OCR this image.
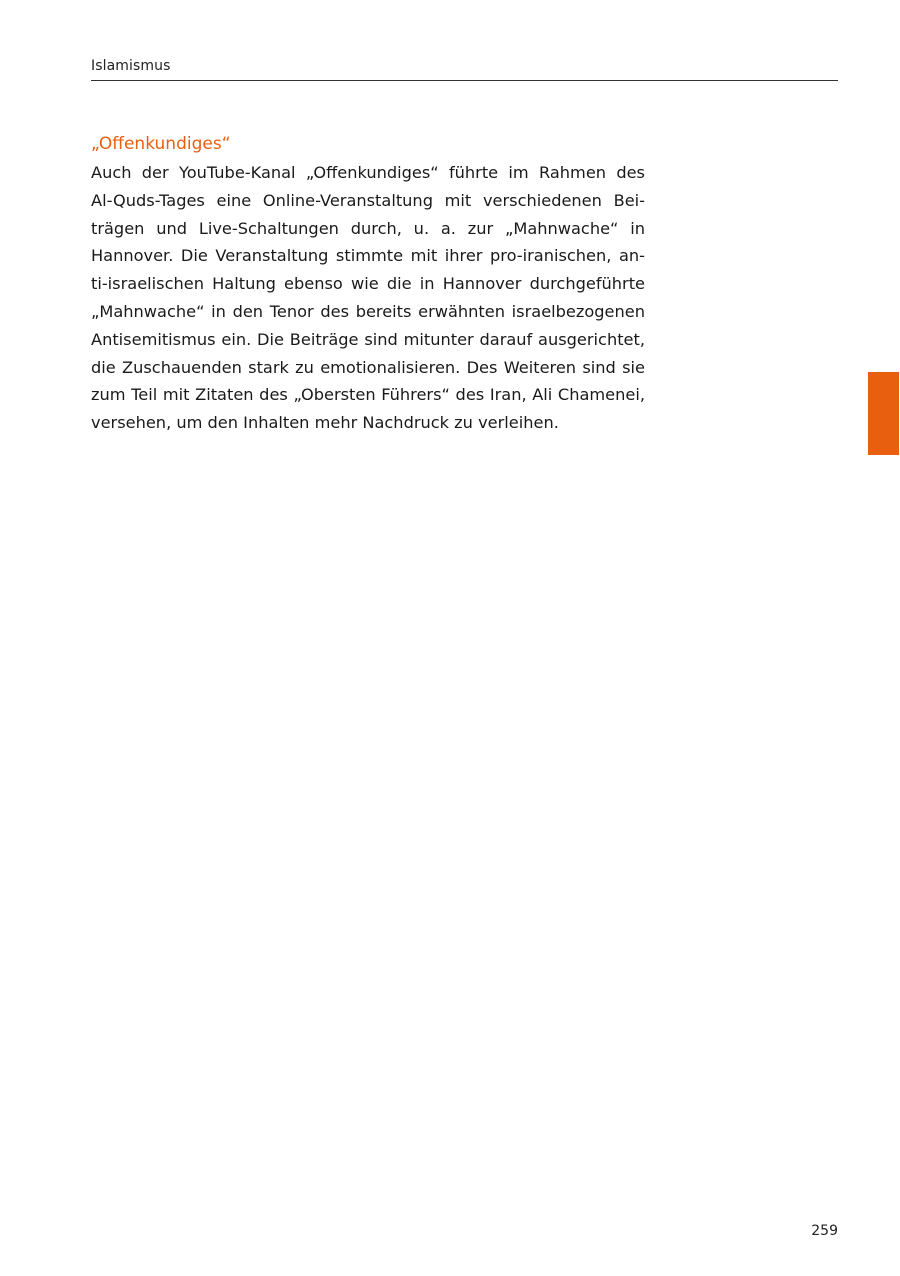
Islamismus
„Offenkundiges“
Auch der YouTube-Kanal „Offenkundiges“ führte im Rahmen des
Al-Quds-Tages eine Online-Veranstaltung mit verschiedenen Bei-
trägen und Live-Schaltungen durch, u. a. zur „Mahnwache“ in
Hannover. Die Veranstaltung stimmte mit ihrer pro-iranischen, an-
ti-israelischen Haltung ebenso wie die in Hannover durchgeführte
„Mahnwache“ in den Tenor des bereits erwähnten israelbezogenen
Antisemitismus ein. Die Beiträge sind mitunter darauf ausgerichtet,
die Zuschauenden stark zu emotionalisieren. Des Weiteren sind sie
zum Teil mit Zitaten des „Obersten Führers“ des Iran, Ali Chamenei,
versehen, um den Inhalten mehr Nachdruck zu verleihen.
259
